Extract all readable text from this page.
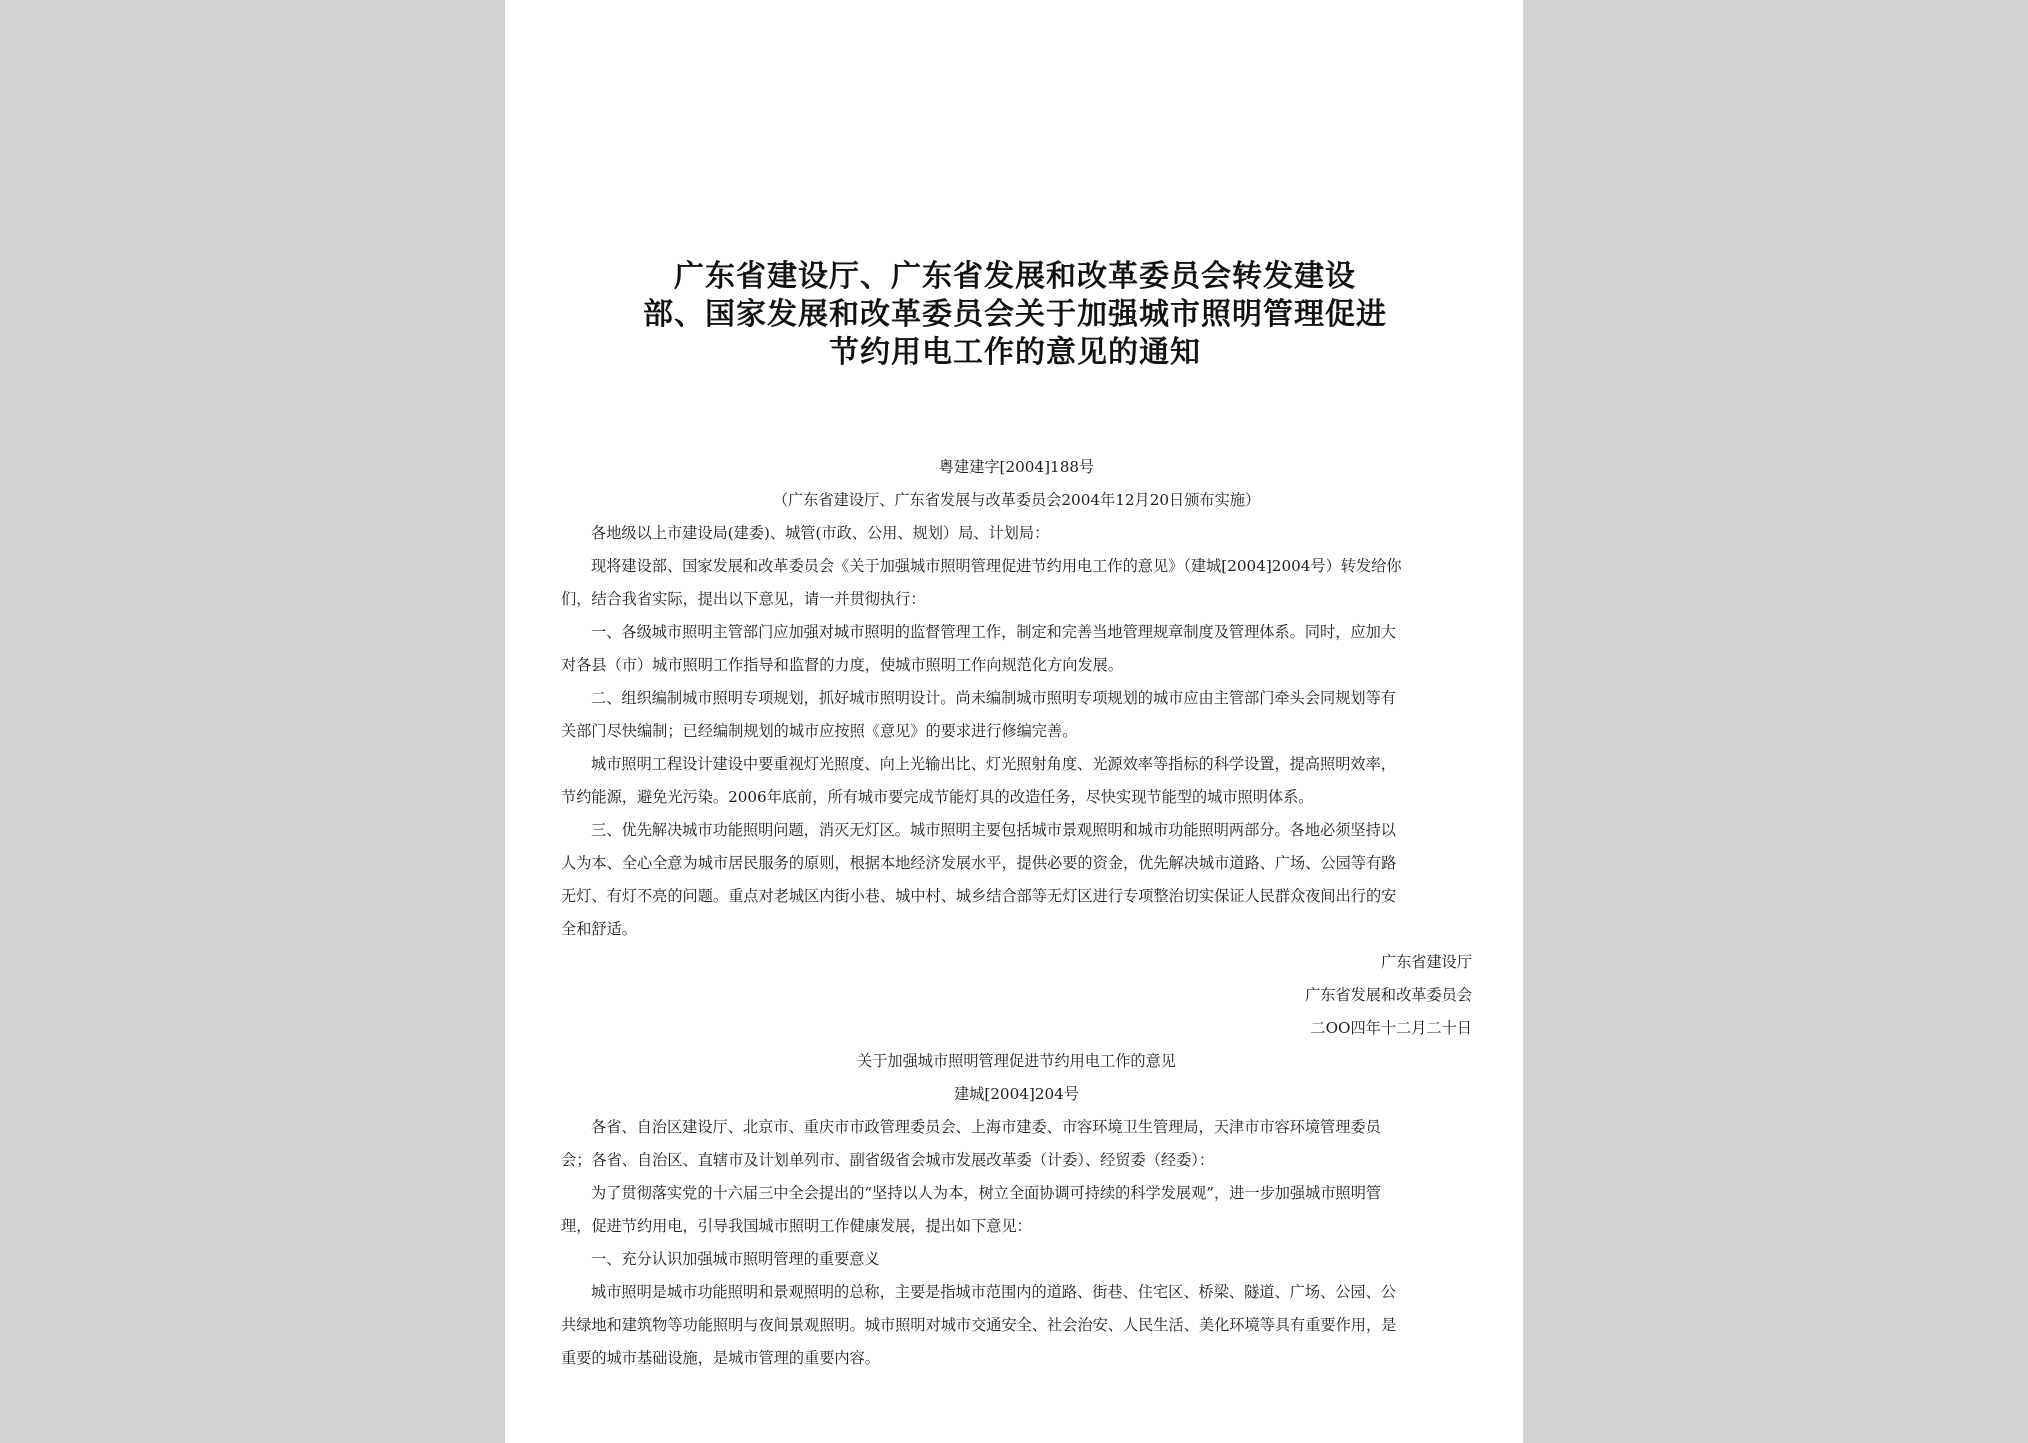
广东省建设厅、广东省发展和改革委员会转发建设
部、国家发展和改革委员会关于加强城市照明管理促进
节约用电工作的意见的通知

粤建建字[2004]188号

（广东省建设厅、广东省发展与改革委员会2004年12月20日颁布实施）

各地级以上市建设局(建委)、城管(市政、公用、规划）局、计划局：

现将建设部、国家发展和改革委员会《关于加强城市照明管理促进节约用电工作的意见》（建城[2004]2004号）转发给你

们，结合我省实际，提出以下意见，请一并贯彻执行：

一、各级城市照明主管部门应加强对城市照明的监督管理工作，制定和完善当地管理规章制度及管理体系。同时，应加大

对各县（市）城市照明工作指导和监督的力度，使城市照明工作向规范化方向发展。

二、组织编制城市照明专项规划，抓好城市照明设计。尚未编制城市照明专项规划的城市应由主管部门牵头会同规划等有

关部门尽快编制；已经编制规划的城市应按照《意见》的要求进行修编完善。

城市照明工程设计建设中要重视灯光照度、向上光输出比、灯光照射角度、光源效率等指标的科学设置，提高照明效率，

节约能源，避免光污染。2006年底前，所有城市要完成节能灯具的改造任务，尽快实现节能型的城市照明体系。

三、优先解决城市功能照明问题，消灭无灯区。城市照明主要包括城市景观照明和城市功能照明两部分。各地必须坚持以

人为本、全心全意为城市居民服务的原则，根据本地经济发展水平，提供必要的资金，优先解决城市道路、广场、公园等有路

无灯、有灯不亮的问题。重点对老城区内街小巷、城中村、城乡结合部等无灯区进行专项整治切实保证人民群众夜间出行的安

全和舒适。

广东省建设厅

广东省发展和改革委员会

二OO四年十二月二十日

关于加强城市照明管理促进节约用电工作的意见

建城[2004]204号

各省、自治区建设厅、北京市、重庆市市政管理委员会、上海市建委、市容环境卫生管理局，天津市市容环境管理委员

会；各省、自治区、直辖市及计划单列市、副省级省会城市发展改革委（计委）、经贸委（经委）：

为了贯彻落实党的十六届三中全会提出的“坚持以人为本，树立全面协调可持续的科学发展观”，进一步加强城市照明管

理，促进节约用电，引导我国城市照明工作健康发展，提出如下意见：

一、充分认识加强城市照明管理的重要意义

城市照明是城市功能照明和景观照明的总称，主要是指城市范围内的道路、街巷、住宅区、桥梁、隧道、广场、公园、公

共绿地和建筑物等功能照明与夜间景观照明。城市照明对城市交通安全、社会治安、人民生活、美化环境等具有重要作用，是

重要的城市基础设施，是城市管理的重要内容。
